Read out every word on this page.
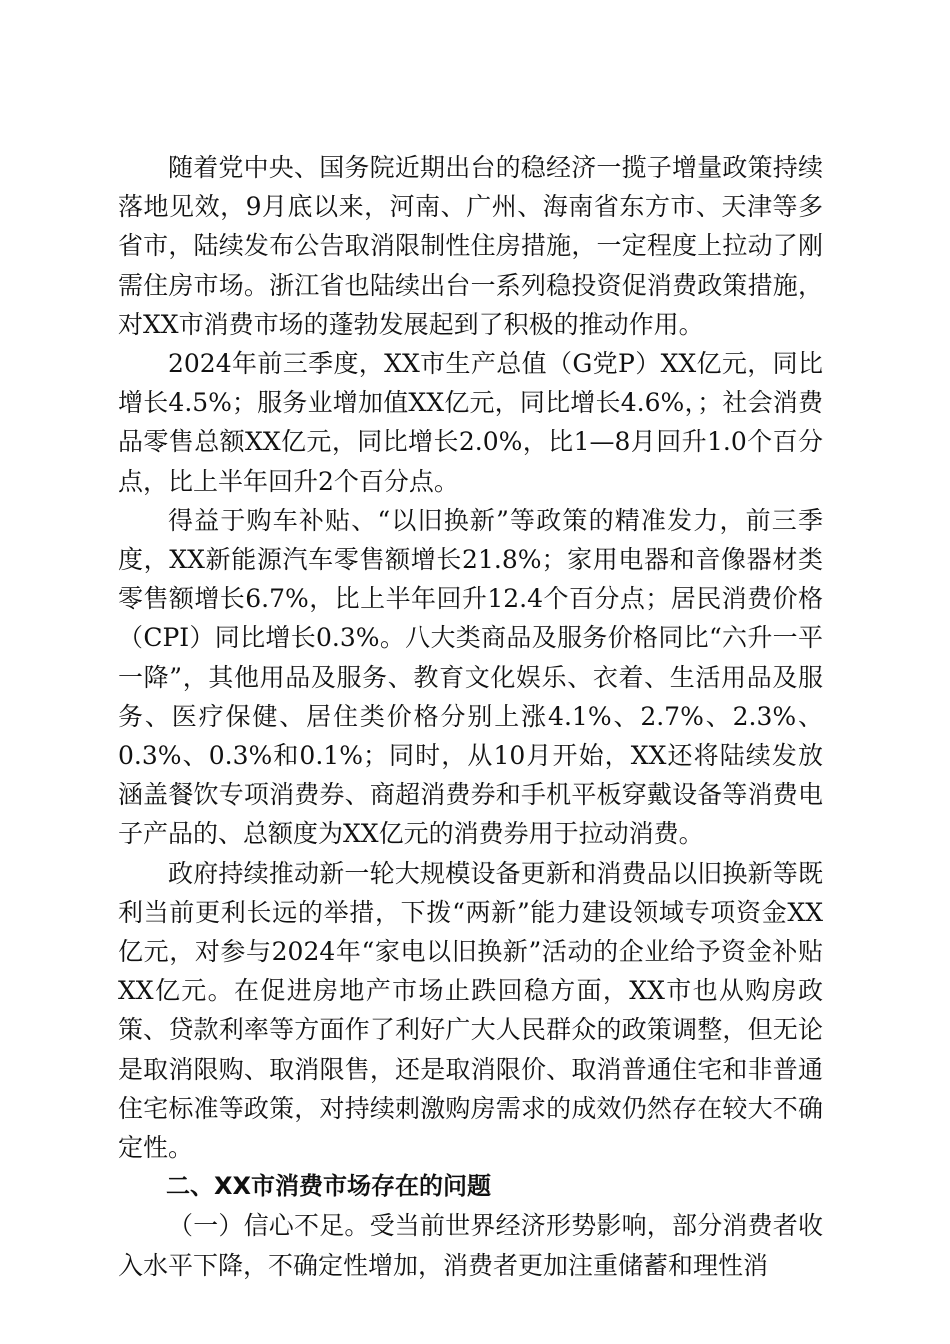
随着党中央、国务院近期出台的稳经济一揽子增量政策持续落地见效，9月底以来，河南、广州、海南省东方市、天津等多省市，陆续发布公告取消限制性住房措施，一定程度上拉动了刚需住房市场。浙江省也陆续出台一系列稳投资促消费政策措施，对XX市消费市场的蓬勃发展起到了积极的推动作用。

2024年前三季度，XX市生产总值（G党P）XX亿元，同比增长4.5%；服务业增加值XX亿元，同比增长4.6%，；社会消费品零售总额XX亿元，同比增长2.0%，比1—8月回升1.0个百分点，比上半年回升2个百分点。

得益于购车补贴、“以旧换新”等政策的精准发力，前三季度，XX新能源汽车零售额增长21.8%；家用电器和音像器材类零售额增长6.7%，比上半年回升12.4个百分点；居民消费价格（CPI）同比增长0.3%。八大类商品及服务价格同比“六升一平一降”，其他用品及服务、教育文化娱乐、衣着、生活用品及服务、医疗保健、居住类价格分别上涨4.1%、2.7%、2.3%、0.3%、0.3%和0.1%；同时，从10月开始，XX还将陆续发放涵盖餐饮专项消费券、商超消费券和手机平板穿戴设备等消费电子产品的、总额度为XX亿元的消费券用于拉动消费。

政府持续推动新一轮大规模设备更新和消费品以旧换新等既利当前更利长远的举措，下拨“两新”能力建设领域专项资金XX亿元，对参与2024年“家电以旧换新”活动的企业给予资金补贴XX亿元。在促进房地产市场止跌回稳方面，XX市也从购房政策、贷款利率等方面作了利好广大人民群众的政策调整，但无论是取消限购、取消限售，还是取消限价、取消普通住宅和非普通住宅标准等政策，对持续刺激购房需求的成效仍然存在较大不确定性。

二、XX市消费市场存在的问题

（一）信心不足。受当前世界经济形势影响，部分消费者收入水平下降，不确定性增加，消费者更加注重储蓄和理性消
